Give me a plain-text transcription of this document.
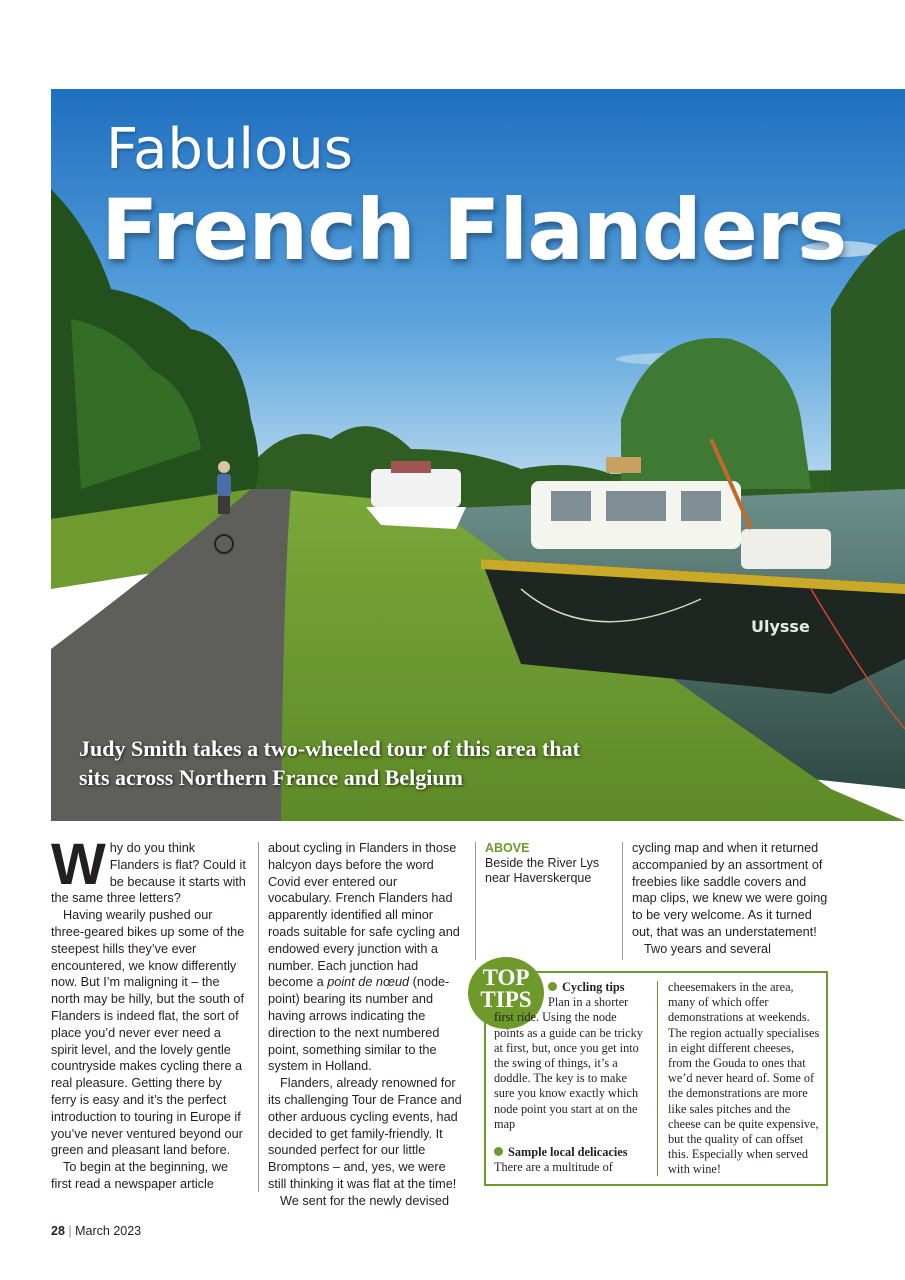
Ulysse
Fabulous
French Flanders
Judy Smith takes a two-wheeled tour of this area that
sits across Northern France and Belgium

Why do you think Flanders is flat? Could it be because it starts with the same three letters?

Having wearily pushed our three-geared bikes up some of the steepest hills they’ve ever encountered, we know differently now. But I’m maligning it – the north may be hilly, but the south of Flanders is indeed flat, the sort of place you’d never ever need a spirit level, and the lovely gentle countryside makes cycling there a real pleasure. Getting there by ferry is easy and it’s the perfect introduction to touring in Europe if you’ve never ventured beyond our green and pleasant land before.

To begin at the beginning, we first read a newspaper article

about cycling in Flanders in those halcyon days before the word Covid ever entered our vocabulary. French Flanders had apparently identified all minor roads suitable for safe cycling and endowed every junction with a number. Each junction had become a point de nœud (node-point) bearing its number and having arrows indicating the direction to the next numbered point, something similar to the system in Holland.

Flanders, already renowned for its challenging Tour de France and other arduous cycling events, had decided to get family-friendly. It sounded perfect for our little Bromptons – and, yes, we were still thinking it was flat at the time!

We sent for the newly devised

ABOVE
Beside the River Lys near Haverskerque

cycling map and when it returned accompanied by an assortment of freebies like saddle covers and map clips, we knew we were going to be very welcome. As it turned out, that was an understatement!

Two years and several

TOP
TIPS	Cycling tips
Plan in a shorter first ride. Using the node points as a guide can be tricky at first, but, once you get into the swing of things, it’s a doddle. The key is to make sure you know exactly which node point you start at on the map
Sample local delicacies
There are a multitude of
cheesemakers in the area, many of which offer demonstrations at weekends. The region actually specialises in eight different cheeses, from the Gouda to ones that we’d never heard of. Some of the demonstrations are more like sales pitches and the cheese can be quite expensive, but the quality of can offset this. Especially when served with wine!
28 | March 2023
